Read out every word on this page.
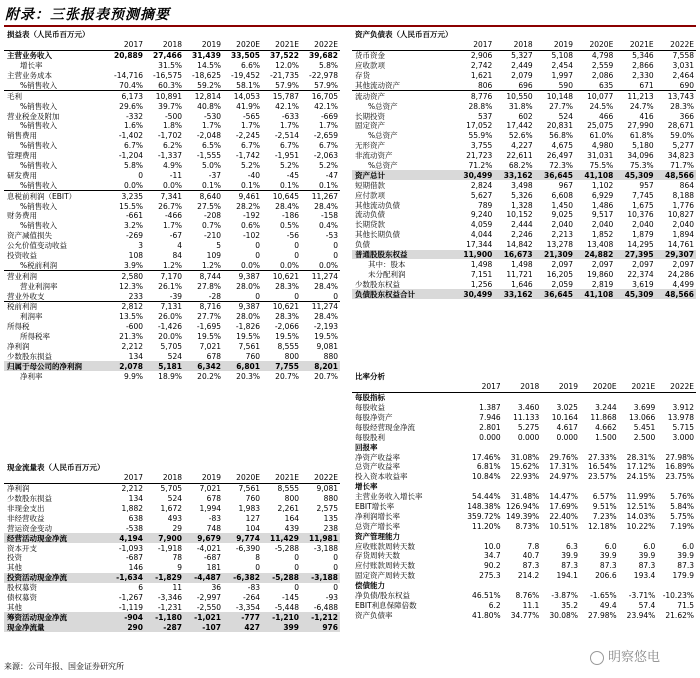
附录：三张报表预测摘要
损益表（人民币百万元）						
	2017	2018	2019	2020E	2021E	2022E
主营业务收入	20,889	27,466	31,439	33,505	37,522	39,682
增长率		31.5%	14.5%	6.6%	12.0%	5.8%
主营业务成本	-14,716	-16,575	-18,625	-19,452	-21,735	-22,978
%销售收入	70.4%	60.3%	59.2%	58.1%	57.9%	57.9%
毛利	6,173	10,891	12,814	14,053	15,787	16,705
%销售收入	29.6%	39.7%	40.8%	41.9%	42.1%	42.1%
营业税金及附加	-332	-500	-530	-565	-633	-669
%销售收入	1.6%	1.8%	1.7%	1.7%	1.7%	1.7%
销售费用	-1,402	-1,702	-2,048	-2,245	-2,514	-2,659
%销售收入	6.7%	6.2%	6.5%	6.7%	6.7%	6.7%
管理费用	-1,204	-1,337	-1,555	-1,742	-1,951	-2,063
%销售收入	5.8%	4.9%	5.0%	5.2%	5.2%	5.2%
研发费用	0	-11	-37	-40	-45	-47
%销售收入	0.0%	0.0%	0.1%	0.1%	0.1%	0.1%
息税前利润（EBIT）	3,235	7,341	8,640	9,461	10,645	11,267
%销售收入	15.5%	26.7%	27.5%	28.2%	28.4%	28.4%
财务费用	-661	-466	-208	-192	-186	-158
%销售收入	3.2%	1.7%	0.7%	0.6%	0.5%	0.4%
资产减值损失	-269	-67	-210	-102	-56	-53
公允价值变动收益	3	4	5	0	0	0
投资收益	108	84	109	0	0	0
%税前利润	3.9%	1.2%	1.2%	0.0%	0.0%	0.0%
营业利润	2,580	7,170	8,744	9,387	10,621	11,274
营业利润率	12.3%	26.1%	27.8%	28.0%	28.3%	28.4%
营业外收支	233	-39	-28	0	0	0
税前利润	2,812	7,131	8,716	9,387	10,621	11,274
利润率	13.5%	26.0%	27.7%	28.0%	28.3%	28.4%
所得税	-600	-1,426	-1,695	-1,826	-2,066	-2,193
所得税率	21.3%	20.0%	19.5%	19.5%	19.5%	19.5%
净利润	2,212	5,705	7,021	7,561	8,555	9,081
少数股东损益	134	524	678	760	800	880
归属于母公司的净利润	2,078	5,181	6,342	6,801	7,755	8,201
净利率	9.9%	18.9%	20.2%	20.3%	20.7%	20.7%
现金流量表（人民币百万元）						
	2017	2018	2019	2020E	2021E	2022E
净利润	2,212	5,705	7,021	7,561	8,555	9,081
少数股东损益	134	524	678	760	800	880
非现金支出	1,882	1,672	1,994	1,983	2,261	2,575
非经营收益	638	493	-83	127	164	135
营运资金变动	-538	29	748	104	439	238
经营活动现金净流	4,194	7,900	9,679	9,774	11,429	11,981
资本开支	-1,093	-1,918	-4,021	-6,390	-5,288	-3,188
投资	-687	78	-687	8	0	0
其他	146	9	181	0	0	0
投资活动现金净流	-1,634	-1,829	-4,487	-6,382	-5,288	-3,188
股权募资	6	11	36	-83	0	0
债权募资	-1,267	-3,346	-2,997	-264	-145	-93
其他	-1,119	-1,231	-2,550	-3,354	-5,448	-6,488
筹资活动现金净流	-904	-1,180	-1,021	-777	-1,210	-1,212
现金净流量	290	-287	-107	427	399	976
资产负债表（人民币百万元）						
	2017	2018	2019	2020E	2021E	2022E
货币资金	2,906	5,327	5,108	4,798	5,346	7,558
应收款项	2,742	2,449	2,454	2,559	2,866	3,031
存货	1,621	2,079	1,997	2,086	2,330	2,464
其他流动资产	806	696	590	635	671	690
流动资产	8,776	10,550	10,148	10,077	11,213	13,743
%总资产	28.8%	31.8%	27.7%	24.5%	24.7%	28.3%
长期投资	537	602	524	466	416	366
固定资产	17,052	17,442	20,831	25,075	27,990	28,671
%总资产	55.9%	52.6%	56.8%	61.0%	61.8%	59.0%
无形资产	3,755	4,227	4,675	4,980	5,180	5,277
非流动资产	21,723	22,611	26,497	31,031	34,096	34,823
%总资产	71.2%	68.2%	72.3%	75.5%	75.3%	71.7%
资产总计	30,499	33,162	36,645	41,108	45,309	48,566
短期借款	2,824	3,498	967	1,102	957	864
应付款项	5,627	5,326	6,608	6,929	7,745	8,188
其他流动负债	789	1,328	1,450	1,486	1,675	1,776
流动负债	9,240	10,152	9,025	9,517	10,376	10,827
长期贷款	4,059	2,444	2,040	2,040	2,040	2,040
其他长期负债	4,044	2,246	2,213	1,852	1,879	1,894
负债	17,344	14,842	13,278	13,408	14,295	14,761
普通股股东权益	11,900	16,673	21,309	24,882	27,395	29,307
其中：股本	1,498	1,498	2,097	2,097	2,097	2,097
未分配利润	7,151	11,721	16,205	19,860	22,374	24,286
少数股东权益	1,256	1,646	2,059	2,819	3,619	4,499
负债股东权益合计	30,499	33,162	36,645	41,108	45,309	48,566
比率分析						
	2017	2018	2019	2020E	2021E	2022E
每股指标						
每股收益	1.387	3.460	3.025	3.244	3.699	3.912
每股净资产	7.946	11.133	10.164	11.868	13.066	13.978
每股经营现金净流	2.801	5.275	4.617	4.662	5.451	5.715
每股股利	0.000	0.000	0.000	1.500	2.500	3.000
回报率						
净资产收益率	17.46%	31.08%	29.76%	27.33%	28.31%	27.98%
总资产收益率	6.81%	15.62%	17.31%	16.54%	17.12%	16.89%
投入资本收益率	10.84%	22.93%	24.97%	23.57%	24.15%	23.75%
增长率						
主营业务收入增长率	54.44%	31.48%	14.47%	6.57%	11.99%	5.76%
EBIT增长率	148.38%	126.94%	17.69%	9.51%	12.51%	5.84%
净利润增长率	359.72%	149.39%	22.40%	7.23%	14.03%	5.75%
总资产增长率	11.20%	8.73%	10.51%	12.18%	10.22%	7.19%
资产管理能力						
应收账款周转天数	10.0	7.8	6.3	6.0	6.0	6.0
存货周转天数	34.7	40.7	39.9	39.9	39.9	39.9
应付账款周转天数	90.2	87.3	87.3	87.3	87.3	87.3
固定资产周转天数	275.3	214.2	194.1	206.6	193.4	179.9
偿债能力						
净负债/股东权益	46.51%	8.76%	-3.87%	-1.65%	-3.71%	-10.23%
EBIT利息保障倍数	6.2	11.1	35.2	49.4	57.4	71.5
资产负债率	41.80%	34.77%	30.08%	27.98%	23.94%	21.62%
来源：公司年报、国金证券研究所
明察悠电
